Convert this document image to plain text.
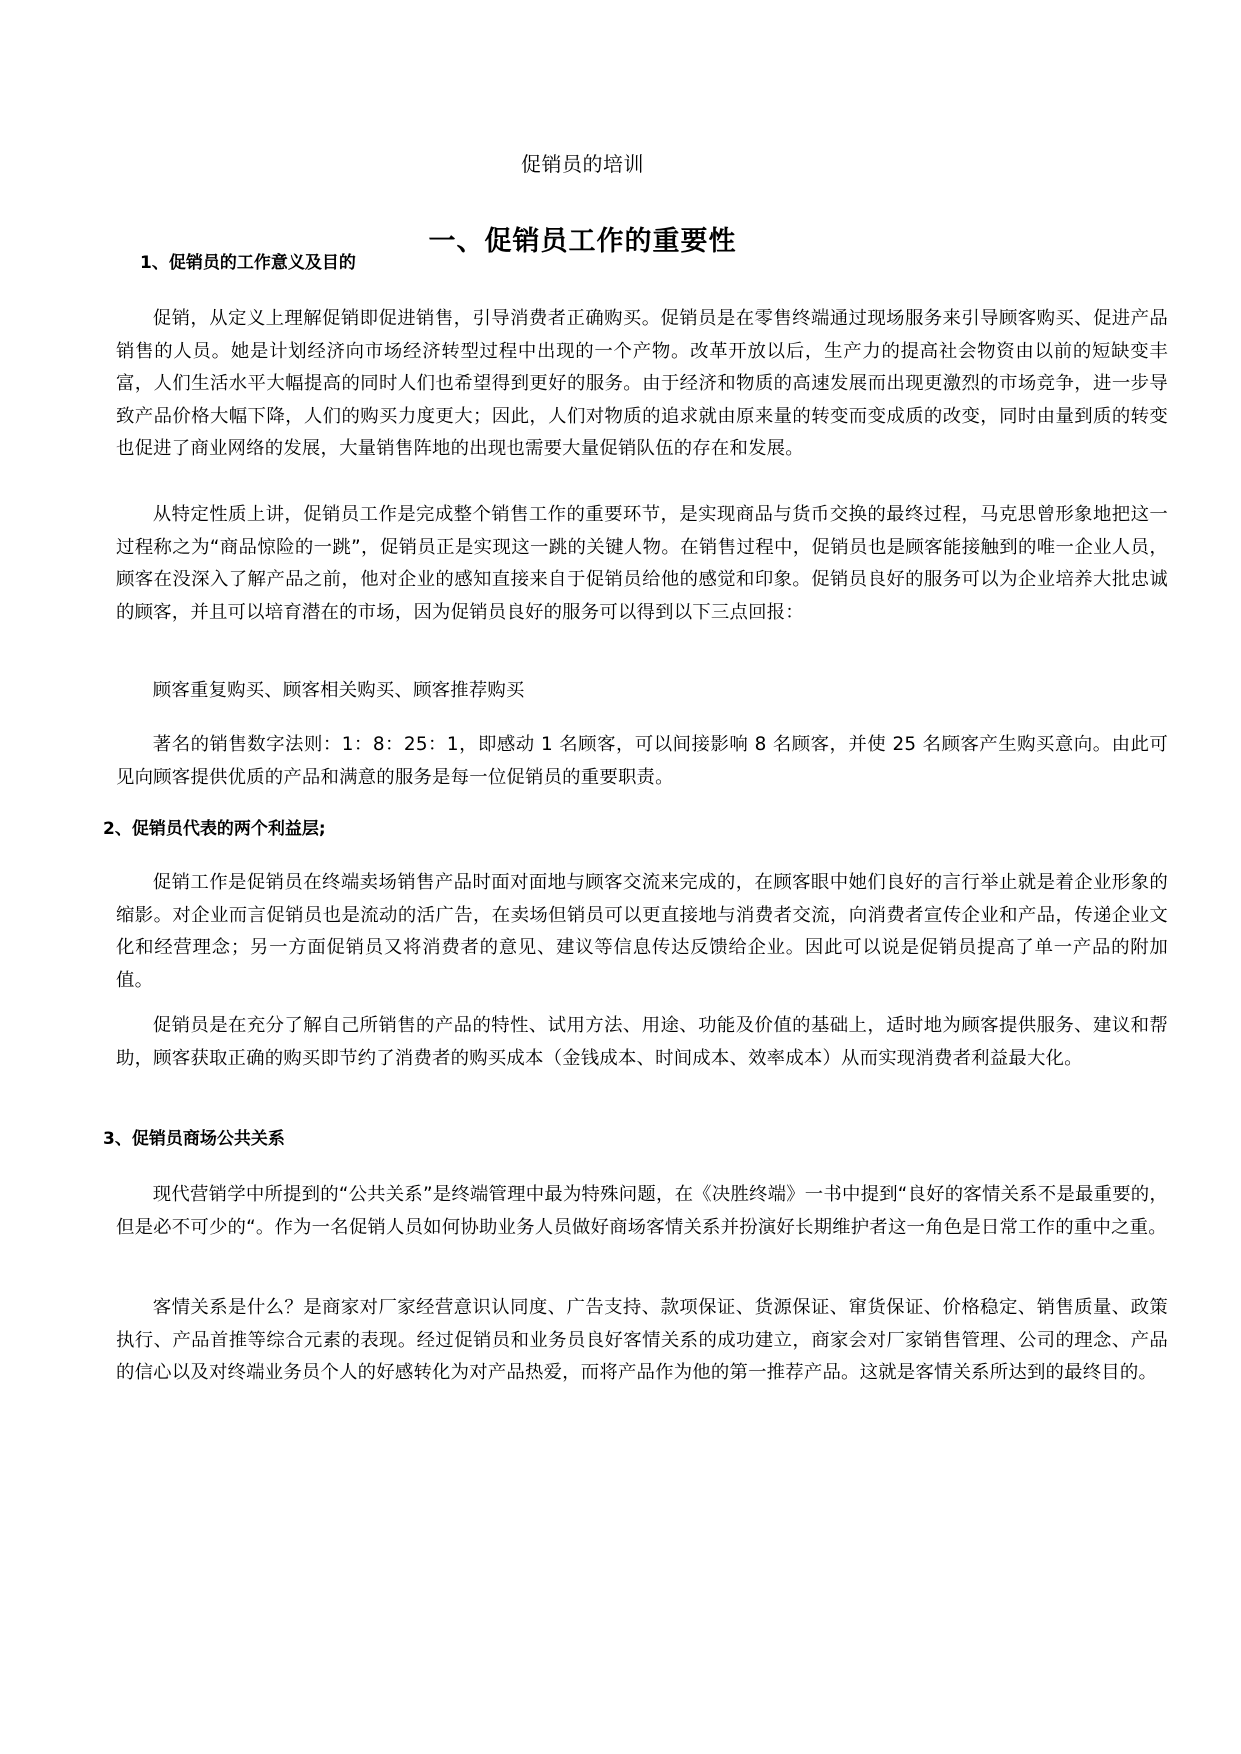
促销员的培训
一、促销员工作的重要性
1、促销员的工作意义及目的

促销，从定义上理解促销即促进销售，引导消费者正确购买。促销员是在零售终端通过现场服务来引导顾客购买、促进产品销售的人员。她是计划经济向市场经济转型过程中出现的一个产物。改革开放以后，生产力的提高社会物资由以前的短缺变丰富，人们生活水平大幅提高的同时人们也希望得到更好的服务。由于经济和物质的高速发展而出现更激烈的市场竞争，进一步导致产品价格大幅下降，人们的购买力度更大；因此，人们对物质的追求就由原来量的转变而变成质的改变，同时由量到质的转变也促进了商业网络的发展，大量销售阵地的出现也需要大量促销队伍的存在和发展。

从特定性质上讲，促销员工作是完成整个销售工作的重要环节，是实现商品与货币交换的最终过程，马克思曾形象地把这一过程称之为“商品惊险的一跳”，促销员正是实现这一跳的关键人物。在销售过程中，促销员也是顾客能接触到的唯一企业人员，顾客在没深入了解产品之前，他对企业的感知直接来自于促销员给他的感觉和印象。促销员良好的服务可以为企业培养大批忠诚的顾客，并且可以培育潜在的市场，因为促销员良好的服务可以得到以下三点回报：

顾客重复购买、顾客相关购买、顾客推荐购买

著名的销售数字法则：1：8：25：1，即感动 1 名顾客，可以间接影响 8 名顾客，并使 25 名顾客产生购买意向。由此可见向顾客提供优质的产品和满意的服务是每一位促销员的重要职责。

2、促销员代表的两个利益层;

促销工作是促销员在终端卖场销售产品时面对面地与顾客交流来完成的，在顾客眼中她们良好的言行举止就是着企业形象的缩影。对企业而言促销员也是流动的活广告，在卖场但销员可以更直接地与消费者交流，向消费者宣传企业和产品，传递企业文化和经营理念；另一方面促销员又将消费者的意见、建议等信息传达反馈给企业。因此可以说是促销员提高了单一产品的附加值。

促销员是在充分了解自己所销售的产品的特性、试用方法、用途、功能及价值的基础上，适时地为顾客提供服务、建议和帮助，顾客获取正确的购买即节约了消费者的购买成本（金钱成本、时间成本、效率成本）从而实现消费者利益最大化。

3、促销员商场公共关系

现代营销学中所提到的“公共关系”是终端管理中最为特殊问题，在《决胜终端》一书中提到“良好的客情关系不是最重要的，但是必不可少的“。作为一名促销人员如何协助业务人员做好商场客情关系并扮演好长期维护者这一角色是日常工作的重中之重。

客情关系是什么？是商家对厂家经营意识认同度、广告支持、款项保证、货源保证、窜货保证、价格稳定、销售质量、政策执行、产品首推等综合元素的表现。经过促销员和业务员良好客情关系的成功建立，商家会对厂家销售管理、公司的理念、产品的信心以及对终端业务员个人的好感转化为对产品热爱，而将产品作为他的第一推荐产品。这就是客情关系所达到的最终目的。
